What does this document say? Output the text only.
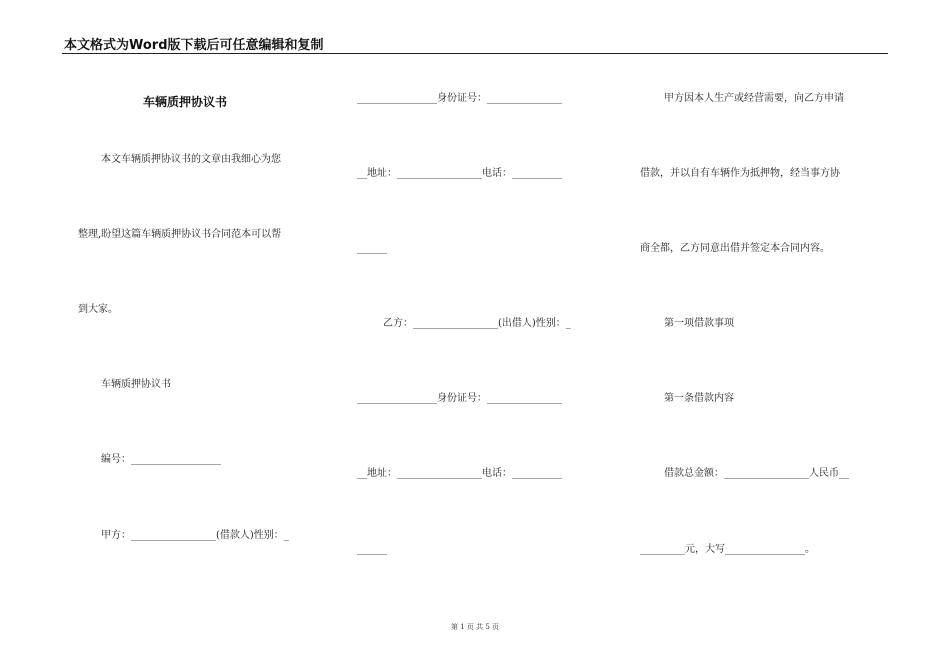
本文格式为Word版下载后可任意编辑和复制
车辆质押协议书
本文车辆质押协议书的文章由我细心为您
整理,盼望这篇车辆质押协议书合同范本可以帮
到大家。
车辆质押协议书
编号：__________________
甲方：_________________(借款人)性别：_
________________身份证号：_______________
__地址：_________________电话：__________
______
乙方：_________________(出借人)性别：_
________________身份证号：_______________
__地址：_________________电话：__________
______
甲方因本人生产或经营需要，向乙方申请
借款，并以自有车辆作为抵押物，经当事方协
商全都，乙方同意出借并签定本合同内容。
第一项借款事项
第一条借款内容
借款总金额：_________________人民币__
_________元，大写________________。
第 1 页 共 5 页
